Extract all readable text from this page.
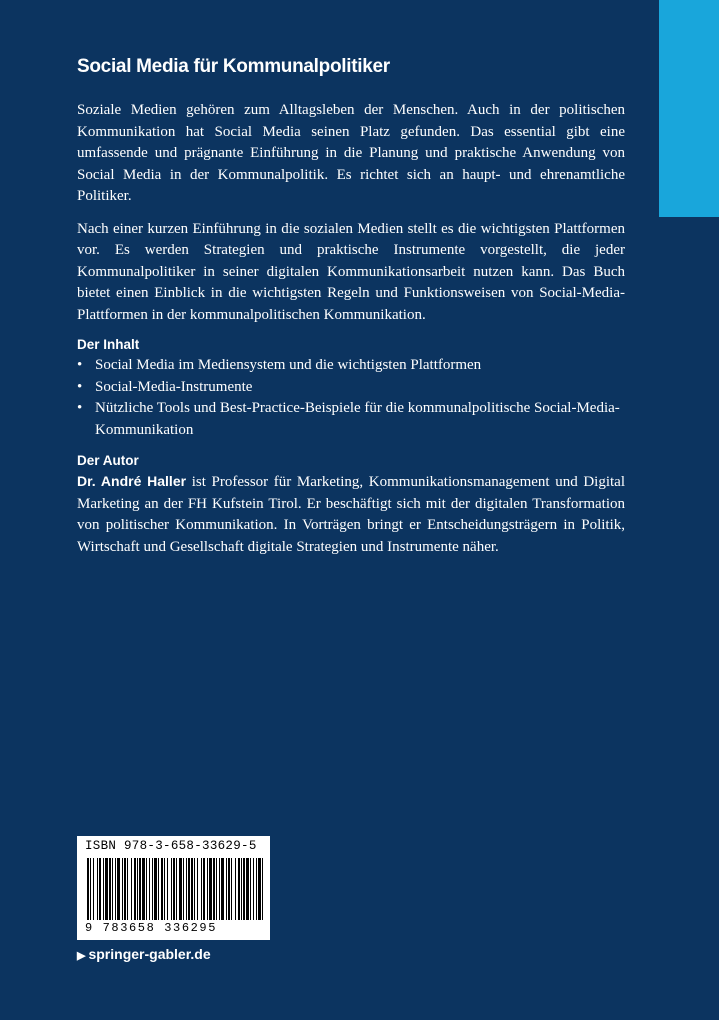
Social Media für Kommunalpolitiker

Soziale Medien gehören zum Alltagsleben der Menschen. Auch in der politischen Kommunikation hat Social Media seinen Platz gefunden. Das essential gibt eine umfassende und prägnante Einführung in die Planung und praktische Anwendung von Social Media in der Kommunalpolitik. Es richtet sich an haupt- und ehrenamtliche Politiker.

Nach einer kurzen Einführung in die sozialen Medien stellt es die wichtigsten Plattformen vor. Es werden Strategien und praktische Instrumente vorgestellt, die jeder Kommunalpolitiker in seiner digitalen Kommunikationsarbeit nutzen kann. Das Buch bietet einen Einblick in die wichtigsten Regeln und Funktionsweisen von Social-Media-Plattformen in der kommunalpolitischen Kommunikation.

Der Inhalt
• Social Media im Mediensystem und die wichtigsten Plattformen
• Social-Media-Instrumente
• Nützliche Tools und Best-Practice-Beispiele für die kommunalpolitische Social-Media-Kommunikation
Der Autor

Dr. André Haller ist Professor für Marketing, Kommunikationsmanagement und Digital Marketing an der FH Kufstein Tirol. Er beschäftigt sich mit der digitalen Transformation von politischer Kommunikation. In Vorträgen bringt er Entscheidungsträgern in Politik, Wirtschaft und Gesellschaft digitale Strategien und Instrumente näher.

ISBN 978-3-658-33629-5
9 783658 336295
▶ springer-gabler.de
